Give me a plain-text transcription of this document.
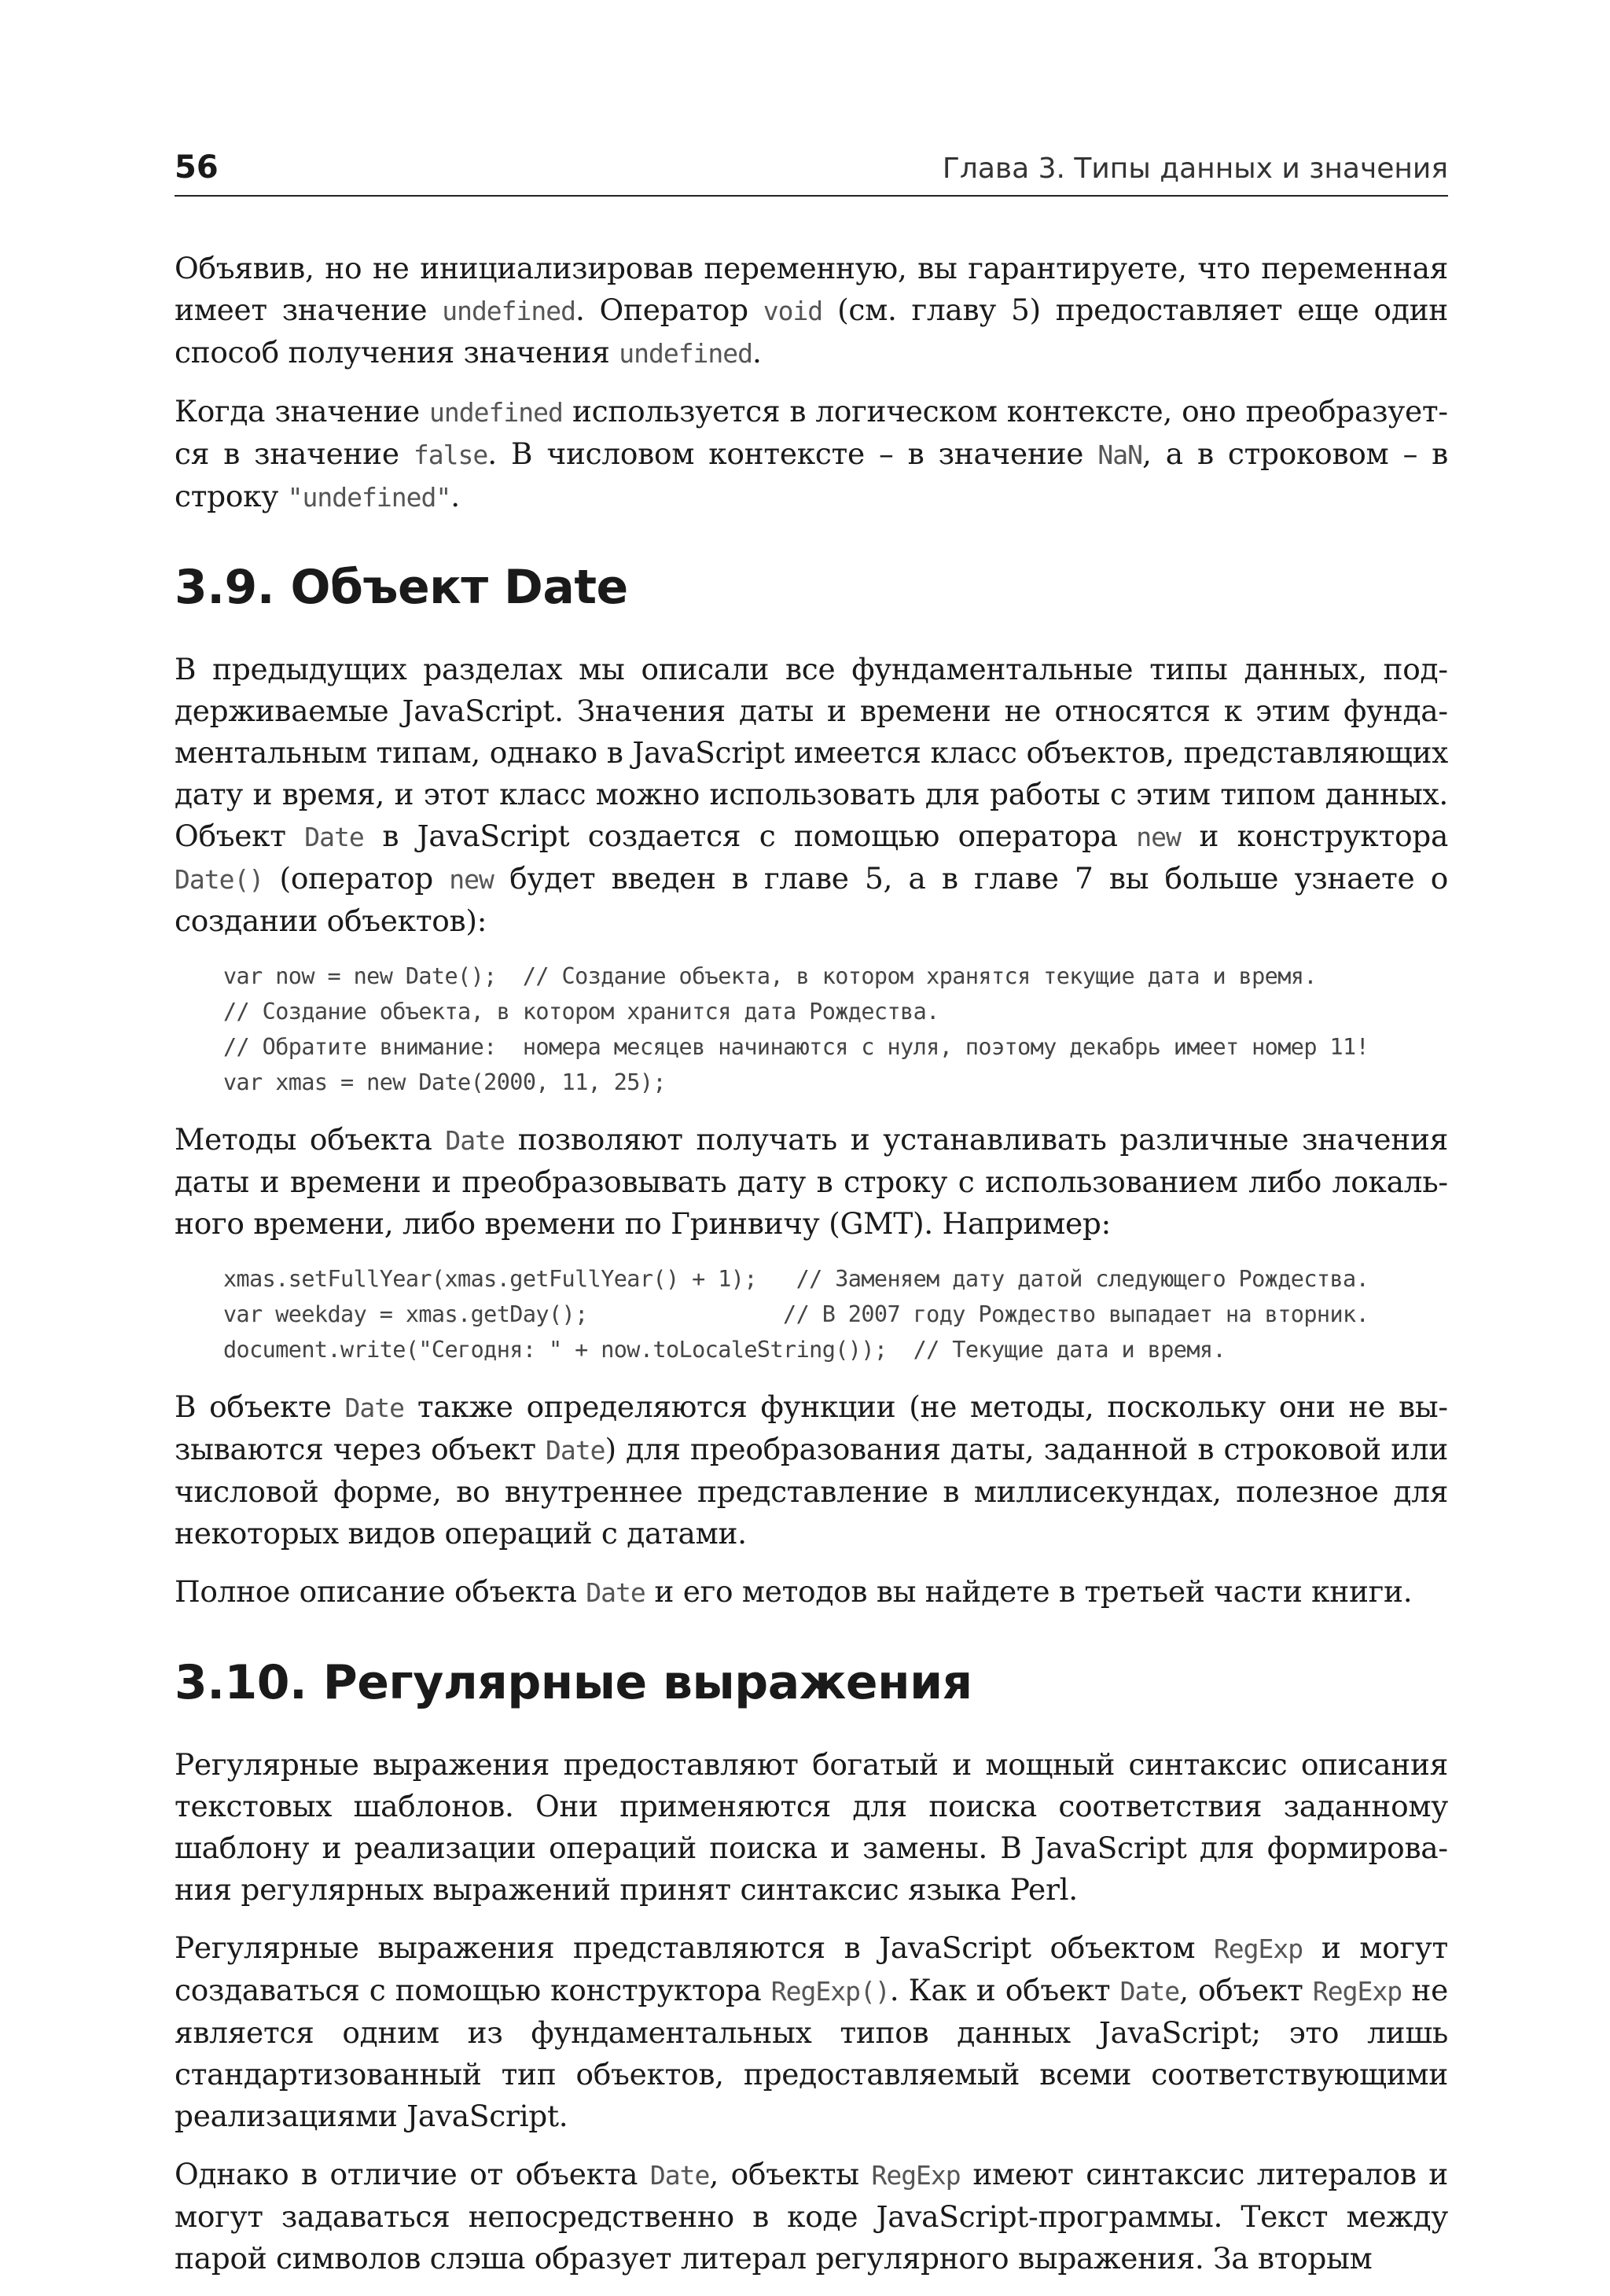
56	Глава 3. Типы данных и значения

Объявив, но не инициализировав переменную, вы гарантируете, что переменная имеет значение undefined. Оператор void (см. главу 5) предоставляет еще один способ получения значения undefined.

Когда значение undefined используется в логическом контексте, оно преобразуется в значение false. В числовом контексте – в значение NaN, а в строковом – в строку "undefined".

3.9. Объект Date

В предыдущих разделах мы описали все фундаментальные типы данных, поддерживаемые JavaScript. Значения даты и времени не относятся к этим фундаментальным типам, однако в JavaScript имеется класс объектов, представляющих дату и время, и этот класс можно использовать для работы с этим типом данных. Объект Date в JavaScript создается с помощью оператора new и конструктора Date() (оператор new будет введен в главе 5, а в главе 7 вы больше узнаете о создании объектов):

var now = new Date();  // Создание объекта, в котором хранятся текущие дата и время.
// Создание объекта, в котором хранится дата Рождества.
// Обратите внимание:  номера месяцев начинаются с нуля, поэтому декабрь имеет номер 11!
var xmas = new Date(2000, 11, 25);

Методы объекта Date позволяют получать и устанавливать различные значения даты и времени и преобразовывать дату в строку с использованием либо локального времени, либо времени по Гринвичу (GMT). Например:

xmas.setFullYear(xmas.getFullYear() + 1);   // Заменяем дату датой следующего Рождества.
var weekday = xmas.getDay();               // В 2007 году Рождество выпадает на вторник.
document.write("Сегодня: " + now.toLocaleString());  // Текущие дата и время.

В объекте Date также определяются функции (не методы, поскольку они не вызываются через объект Date) для преобразования даты, заданной в строковой или числовой форме, во внутреннее представление в миллисекундах, полезное для некоторых видов операций с датами.

Полное описание объекта Date и его методов вы найдете в третьей части книги.

3.10. Регулярные выражения

Регулярные выражения предоставляют богатый и мощный синтаксис описания текстовых шаблонов. Они применяются для поиска соответствия заданному шаблону и реализации операций поиска и замены. В JavaScript для формирования регулярных выражений принят синтаксис языка Perl.

Регулярные выражения представляются в JavaScript объектом RegExp и могут создаваться с помощью конструктора RegExp(). Как и объект Date, объект RegExp не является одним из фундаментальных типов данных JavaScript; это лишь стандартизованный тип объектов, предоставляемый всеми соответствующими реализациями JavaScript.

Однако в отличие от объекта Date, объекты RegExp имеют синтаксис литералов и могут задаваться непосредственно в коде JavaScript-программы. Текст между парой символов слэша образует литерал регулярного выражения. За вторым
